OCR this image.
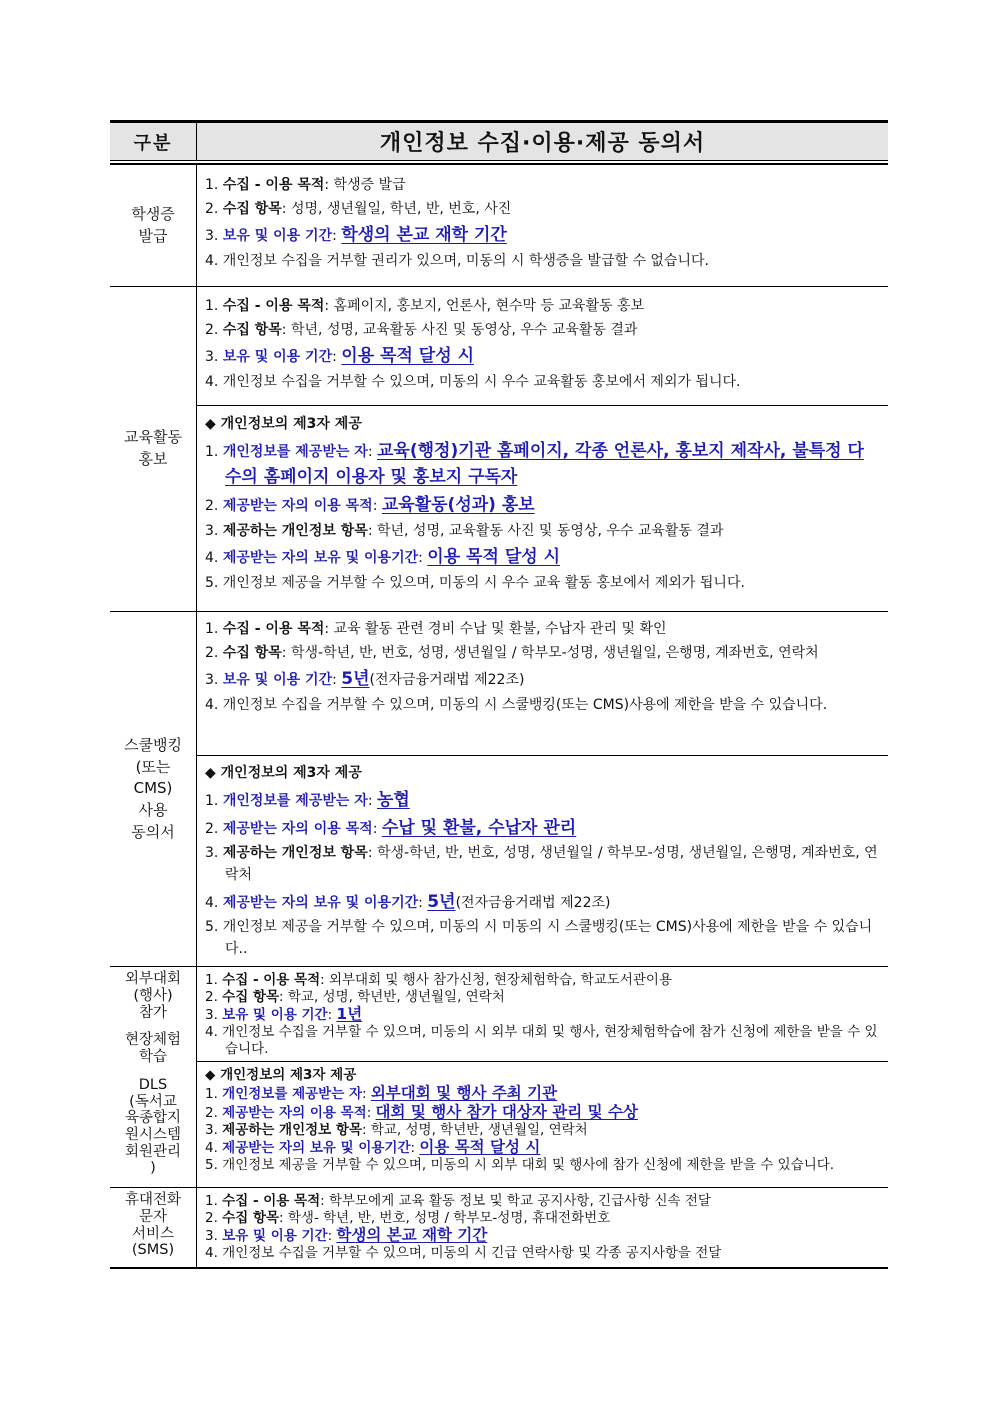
구분	개인정보 수집·이용·제공 동의서
학생증
발급
1. 수집 - 이용 목적: 학생증 발급
2. 수집 항목: 성명, 생년월일, 학년, 반, 번호, 사진
3. 보유 및 이용 기간: 학생의 본교 재학 기간
4. 개인정보 수집을 거부할 권리가 있으며, 미동의 시 학생증을 발급할 수 없습니다.
교육활동
홍보
1. 수집 - 이용 목적: 홈페이지, 홍보지, 언론사, 현수막 등 교육활동 홍보
2. 수집 항목: 학년, 성명, 교육활동 사진 및 동영상, 우수 교육활동 결과
3. 보유 및 이용 기간: 이용 목적 달성 시
4. 개인정보 수집을 거부할 수 있으며, 미동의 시 우수 교육활동 홍보에서 제외가 됩니다.
◆ 개인정보의 제3자 제공
1. 개인정보를 제공받는 자: 교육(행정)기관 홈페이지, 각종 언론사, 홍보지 제작사, 불특정 다수의 홈페이지 이용자 및 홍보지 구독자
2. 제공받는 자의 이용 목적: 교육활동(성과) 홍보
3. 제공하는 개인정보 항목: 학년, 성명, 교육활동 사진 및 동영상, 우수 교육활동 결과
4. 제공받는 자의 보유 및 이용기간: 이용 목적 달성 시
5. 개인정보 제공을 거부할 수 있으며, 미동의 시 우수 교육 활동 홍보에서 제외가 됩니다.
스쿨뱅킹
(또는
CMS)
사용
동의서
1. 수집 - 이용 목적: 교육 활동 관련 경비 수납 및 환불, 수납자 관리 및 확인
2. 수집 항목: 학생-학년, 반, 번호, 성명, 생년월일 / 학부모-성명, 생년월일, 은행명, 계좌번호, 연락처
3. 보유 및 이용 기간: 5년(전자금융거래법 제22조)
4. 개인정보 수집을 거부할 수 있으며, 미동의 시 스쿨뱅킹(또는 CMS)사용에 제한을 받을 수 있습니다.
◆ 개인정보의 제3자 제공
1. 개인정보를 제공받는 자: 농협
2. 제공받는 자의 이용 목적: 수납 및 환불, 수납자 관리
3. 제공하는 개인정보 항목: 학생-학년, 반, 번호, 성명, 생년월일 / 학부모-성명, 생년월일, 은행명, 계좌번호, 연락처
4. 제공받는 자의 보유 및 이용기간: 5년(전자금융거래법 제22조)
5. 개인정보 제공을 거부할 수 있으며, 미동의 시 미동의 시 스쿨뱅킹(또는 CMS)사용에 제한을 받을 수 있습니다..
외부대회
(행사)
참가
현장체험
학습
DLS
(독서교
육종합지
원시스템
회원관리
)
1. 수집 - 이용 목적: 외부대회 및 행사 참가신청, 현장체험학습, 학교도서관이용
2. 수집 항목: 학교, 성명, 학년반, 생년월일, 연락처
3. 보유 및 이용 기간: 1년
4. 개인정보 수집을 거부할 수 있으며, 미동의 시 외부 대회 및 행사, 현장체험학습에 참가 신청에 제한을 받을 수 있습니다.
◆ 개인정보의 제3자 제공
1. 개인정보를 제공받는 자: 외부대회 및 행사 주최 기관
2. 제공받는 자의 이용 목적: 대회 및 행사 참가 대상자 관리 및 수상
3. 제공하는 개인정보 항목: 학교, 성명, 학년반, 생년월일, 연락처
4. 제공받는 자의 보유 및 이용기간: 이용 목적 달성 시
5. 개인정보 제공을 거부할 수 있으며, 미동의 시 외부 대회 및 행사에 참가 신청에 제한을 받을 수 있습니다.
휴대전화
문자
서비스
(SMS)
1. 수집 - 이용 목적: 학부모에게 교육 활동 정보 및 학교 공지사항, 긴급사항 신속 전달
2. 수집 항목: 학생- 학년, 반, 번호, 성명 / 학부모-성명, 휴대전화번호
3. 보유 및 이용 기간: 학생의 본교 재학 기간
4. 개인정보 수집을 거부할 수 있으며, 미동의 시 긴급 연락사항 및 각종 공지사항을 전달
